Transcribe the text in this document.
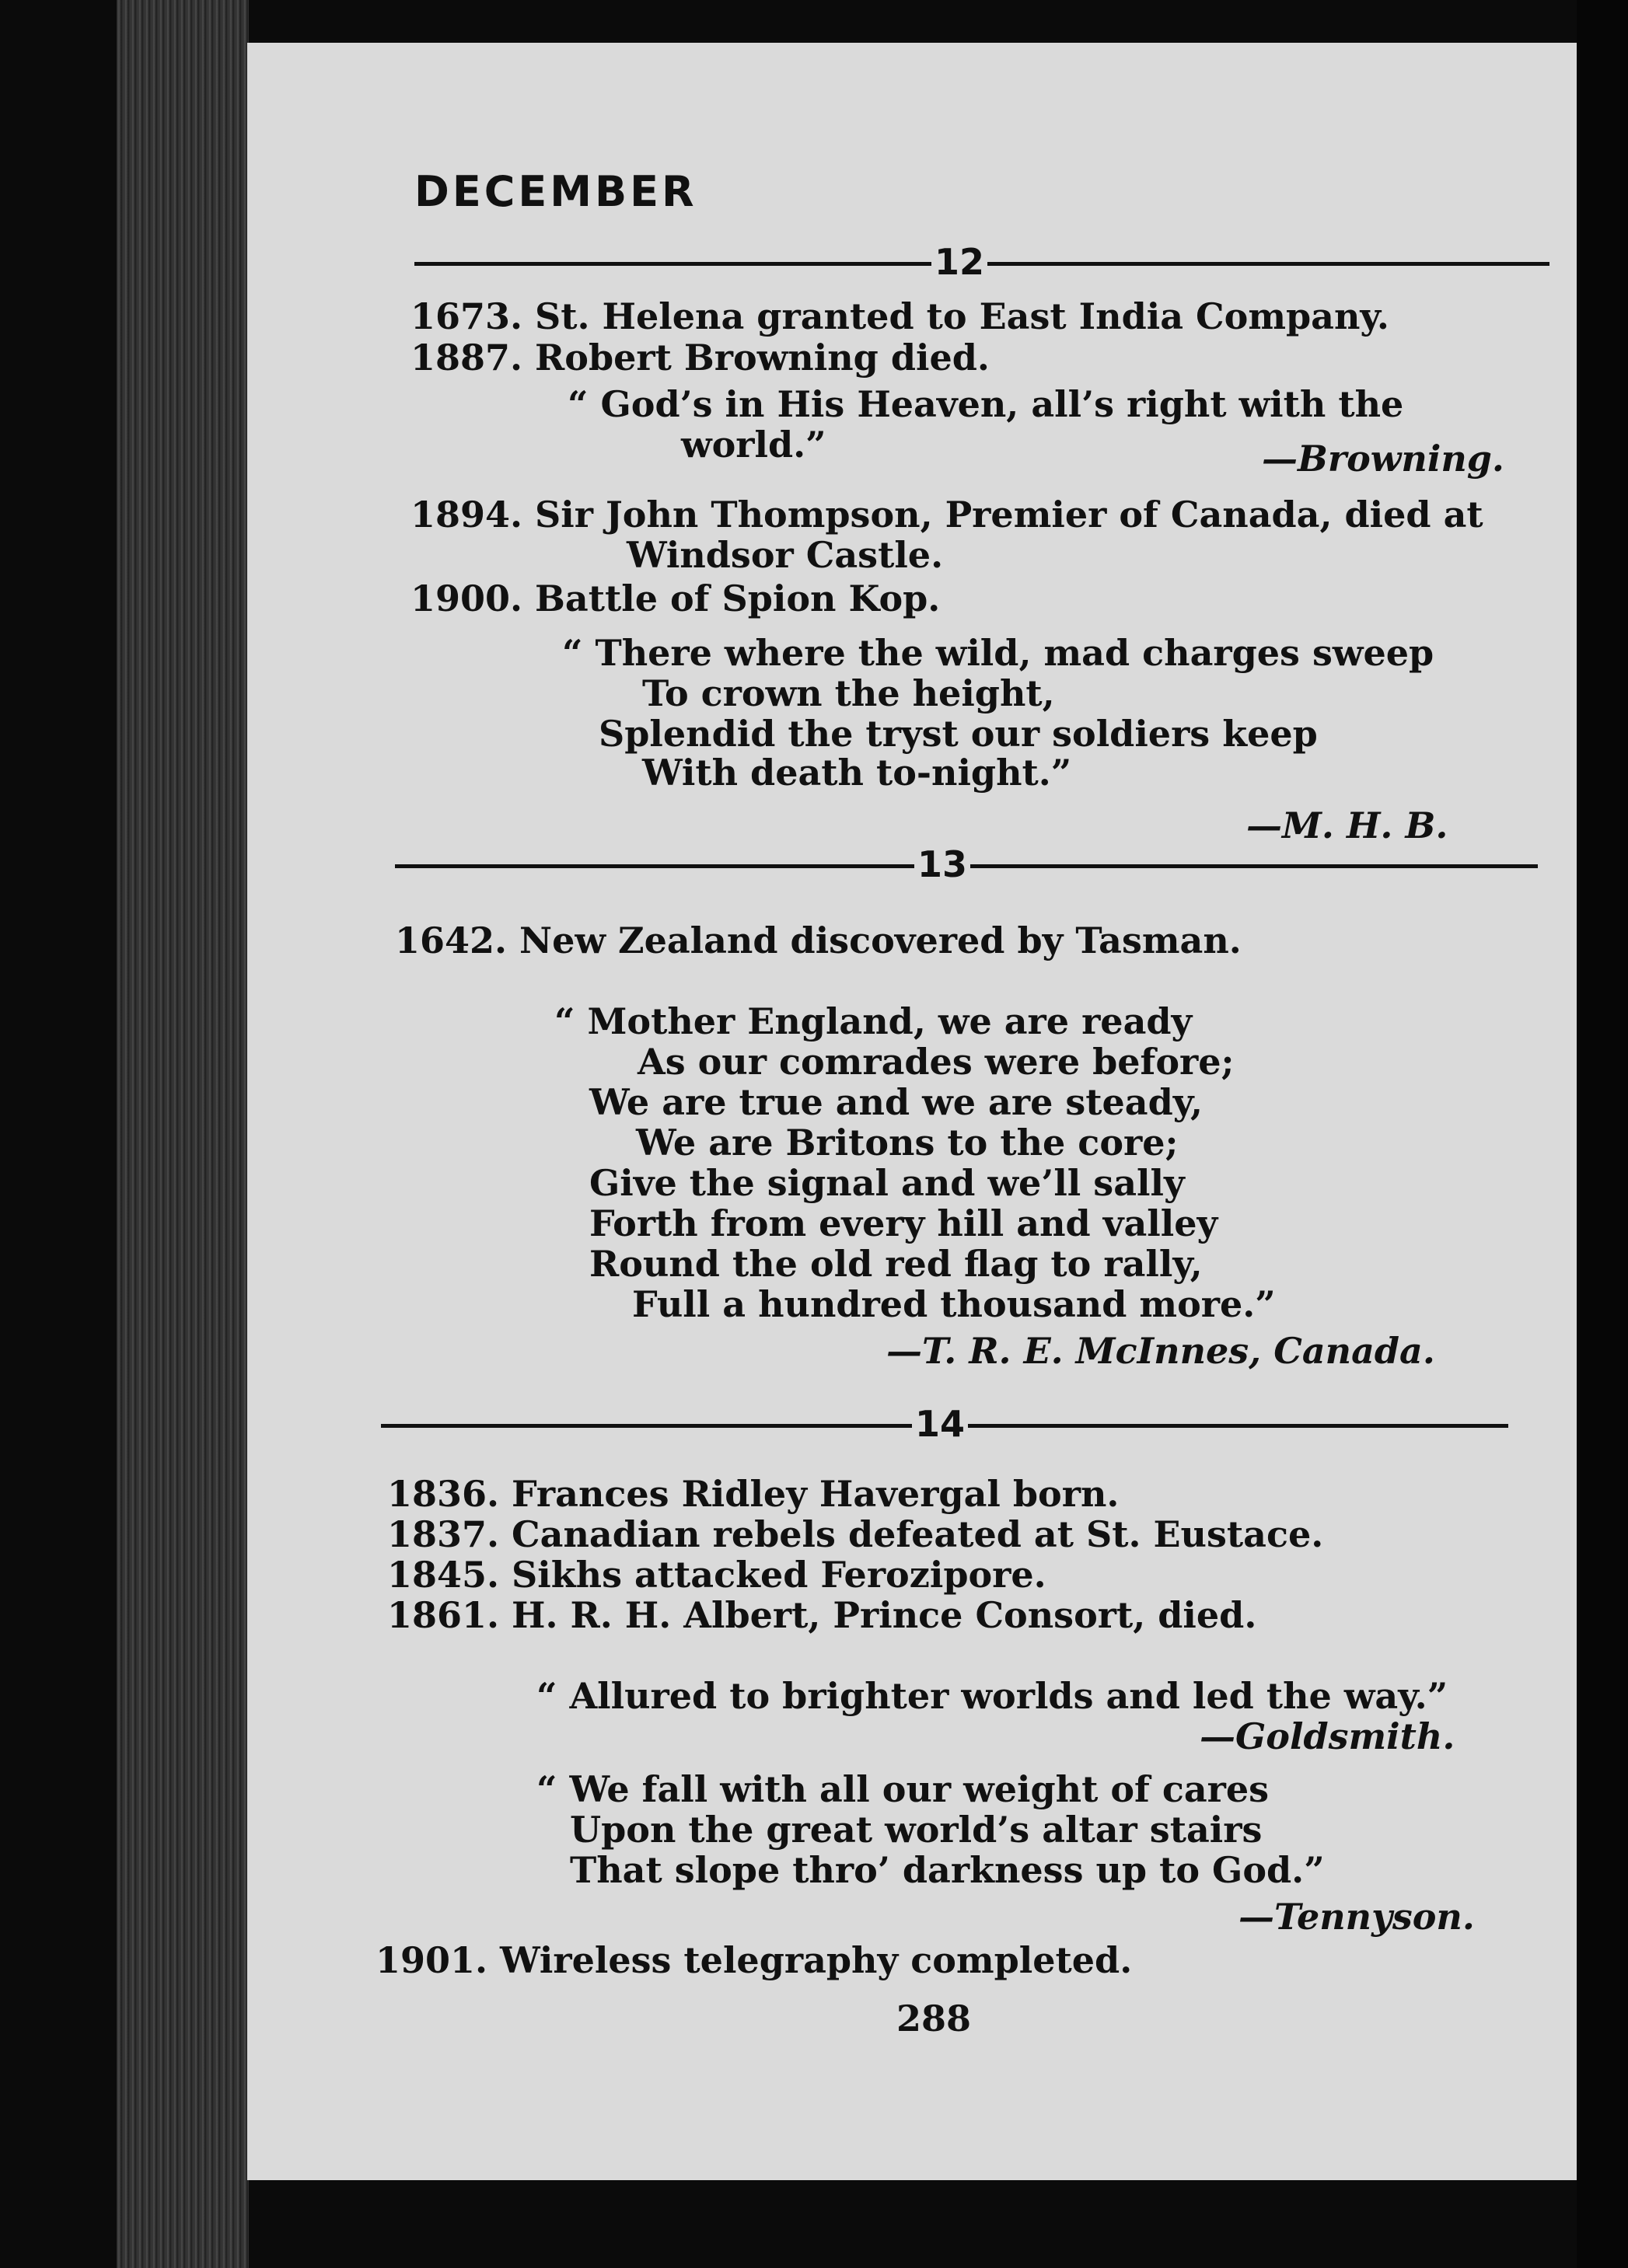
DECEMBER
12
1673. St. Helena granted to East India Company.
1887. Robert Browning died.
“ God’s in His Heaven, all’s right with the
world.”	—Browning.
1894. Sir John Thompson, Premier of Canada, died at
Windsor Castle.
1900. Battle of Spion Kop.
“ There where the wild, mad charges sweep
To crown the height,
Splendid the tryst our soldiers keep
With death to-night.”
—M. H. B.
13
1642. New Zealand discovered by Tasman.
“ Mother England, we are ready
As our comrades were before;
We are true and we are steady,
We are Britons to the core;
Give the signal and we’ll sally
Forth from every hill and valley
Round the old red flag to rally,
Full a hundred thousand more.”
—T. R. E. McInnes, Canada.
14
1836. Frances Ridley Havergal born.
1837. Canadian rebels defeated at St. Eustace.
1845. Sikhs attacked Ferozipore.
1861. H. R. H. Albert, Prince Consort, died.
“ Allured to brighter worlds and led the way.”
—Goldsmith.
“ We fall with all our weight of cares
Upon the great world’s altar stairs
That slope thro’ darkness up to God.”
—Tennyson.
1901. Wireless telegraphy completed.
288
